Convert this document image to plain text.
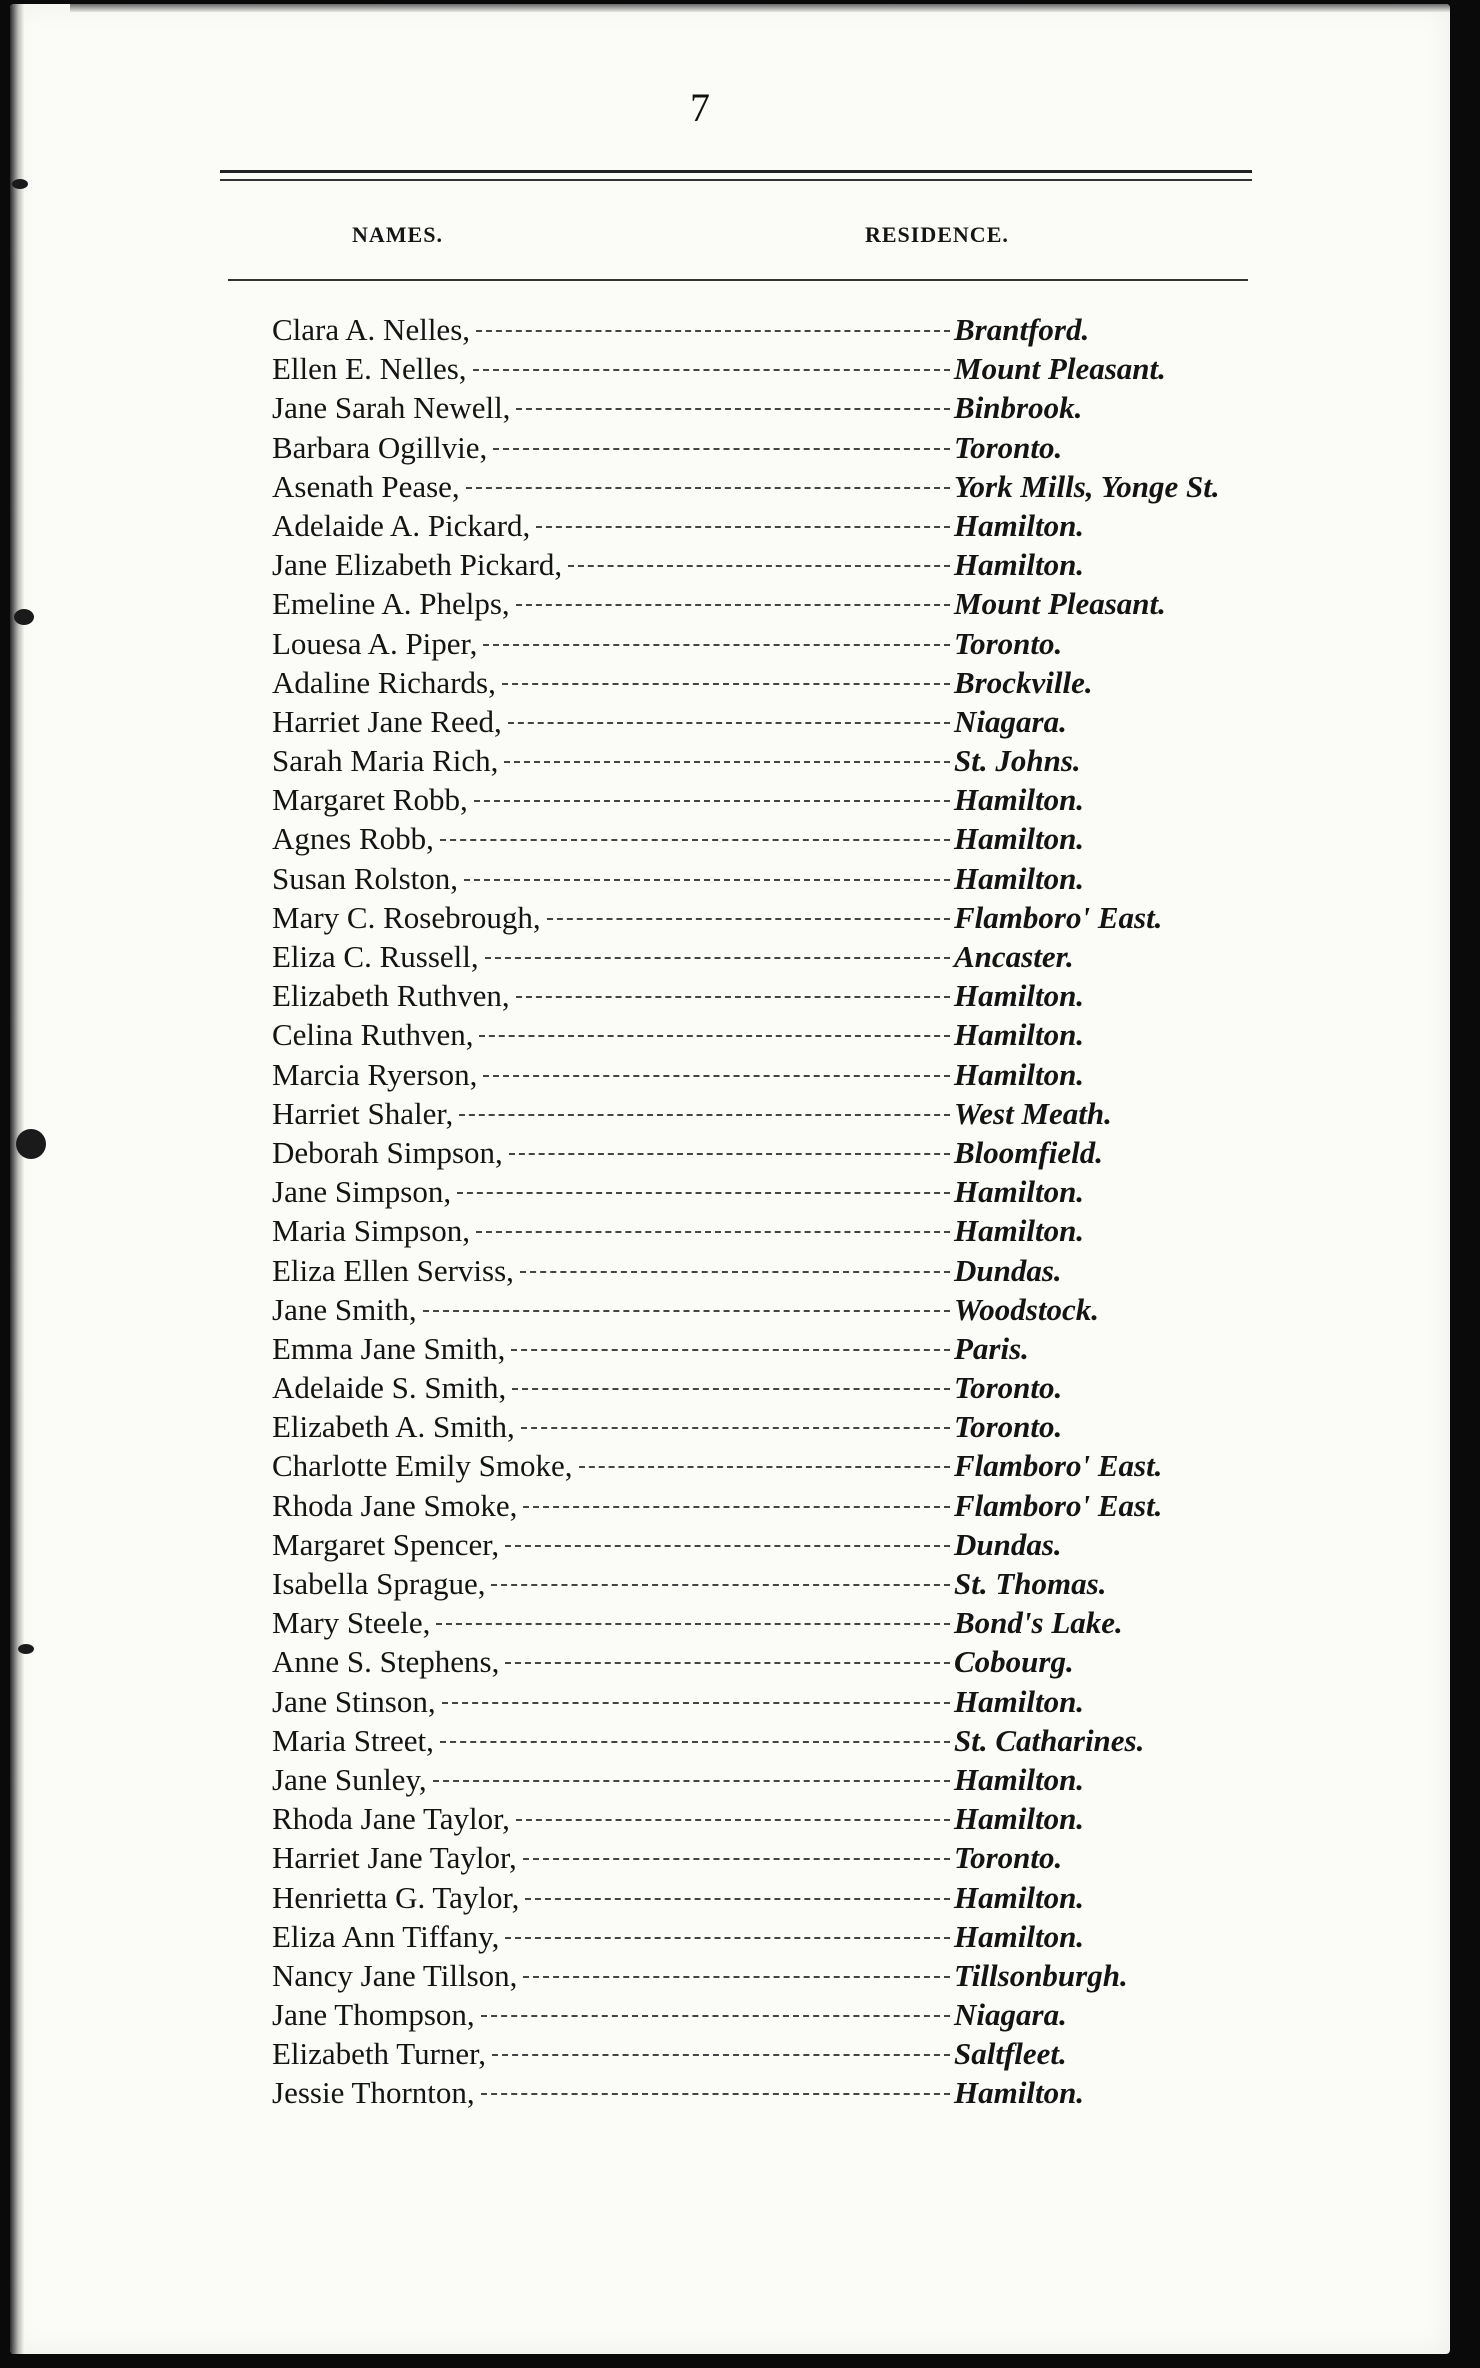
7
NAMES.	RESIDENCE.
Clara A. Nelles,	Brantford.
Ellen E. Nelles,	Mount Pleasant.
Jane Sarah Newell,	Binbrook.
Barbara Ogillvie,	Toronto.
Asenath Pease,	York Mills, Yonge St.
Adelaide A. Pickard,	Hamilton.
Jane Elizabeth Pickard,	Hamilton.
Emeline A. Phelps,	Mount Pleasant.
Louesa A. Piper,	Toronto.
Adaline Richards,	Brockville.
Harriet Jane Reed,	Niagara.
Sarah Maria Rich,	St. Johns.
Margaret Robb,	Hamilton.
Agnes Robb,	Hamilton.
Susan Rolston,	Hamilton.
Mary C. Rosebrough,	Flamboro' East.
Eliza C. Russell,	Ancaster.
Elizabeth Ruthven,	Hamilton.
Celina Ruthven,	Hamilton.
Marcia Ryerson,	Hamilton.
Harriet Shaler,	West Meath.
Deborah Simpson,	Bloomfield.
Jane Simpson,	Hamilton.
Maria Simpson,	Hamilton.
Eliza Ellen Serviss,	Dundas.
Jane Smith,	Woodstock.
Emma Jane Smith,	Paris.
Adelaide S. Smith,	Toronto.
Elizabeth A. Smith,	Toronto.
Charlotte Emily Smoke,	Flamboro' East.
Rhoda Jane Smoke,	Flamboro' East.
Margaret Spencer,	Dundas.
Isabella Sprague,	St. Thomas.
Mary Steele,	Bond's Lake.
Anne S. Stephens,	Cobourg.
Jane Stinson,	Hamilton.
Maria Street,	St. Catharines.
Jane Sunley,	Hamilton.
Rhoda Jane Taylor,	Hamilton.
Harriet Jane Taylor,	Toronto.
Henrietta G. Taylor,	Hamilton.
Eliza Ann Tiffany,	Hamilton.
Nancy Jane Tillson,	Tillsonburgh.
Jane Thompson,	Niagara.
Elizabeth Turner,	Saltfleet.
Jessie Thornton,	Hamilton.
